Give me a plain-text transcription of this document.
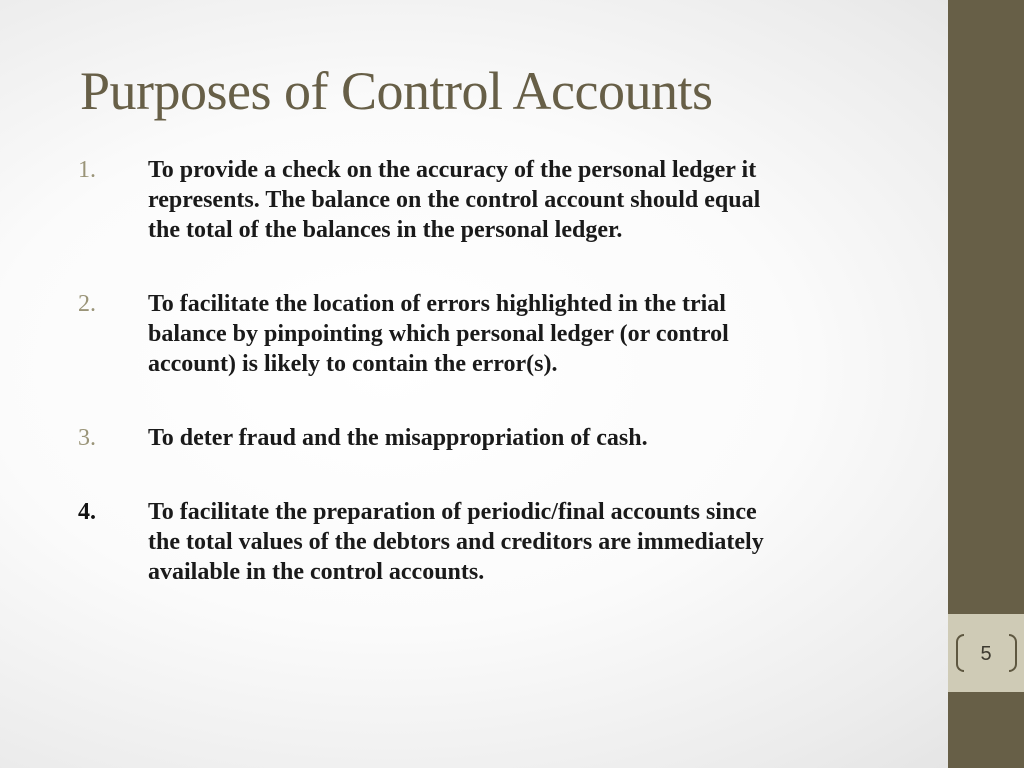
Purposes of Control Accounts
1. To provide a check on the accuracy of the personal ledger it
represents. The balance on the control account should equal
the total of the balances in the personal ledger.
2. To facilitate the location of errors highlighted in the trial
balance by pinpointing which personal ledger (or control
account) is likely to contain the error(s).
3. To deter fraud and the misappropriation of cash.
4. To facilitate the preparation of periodic/final accounts since
the total values of the debtors and creditors are immediately
available in the control accounts.
5
